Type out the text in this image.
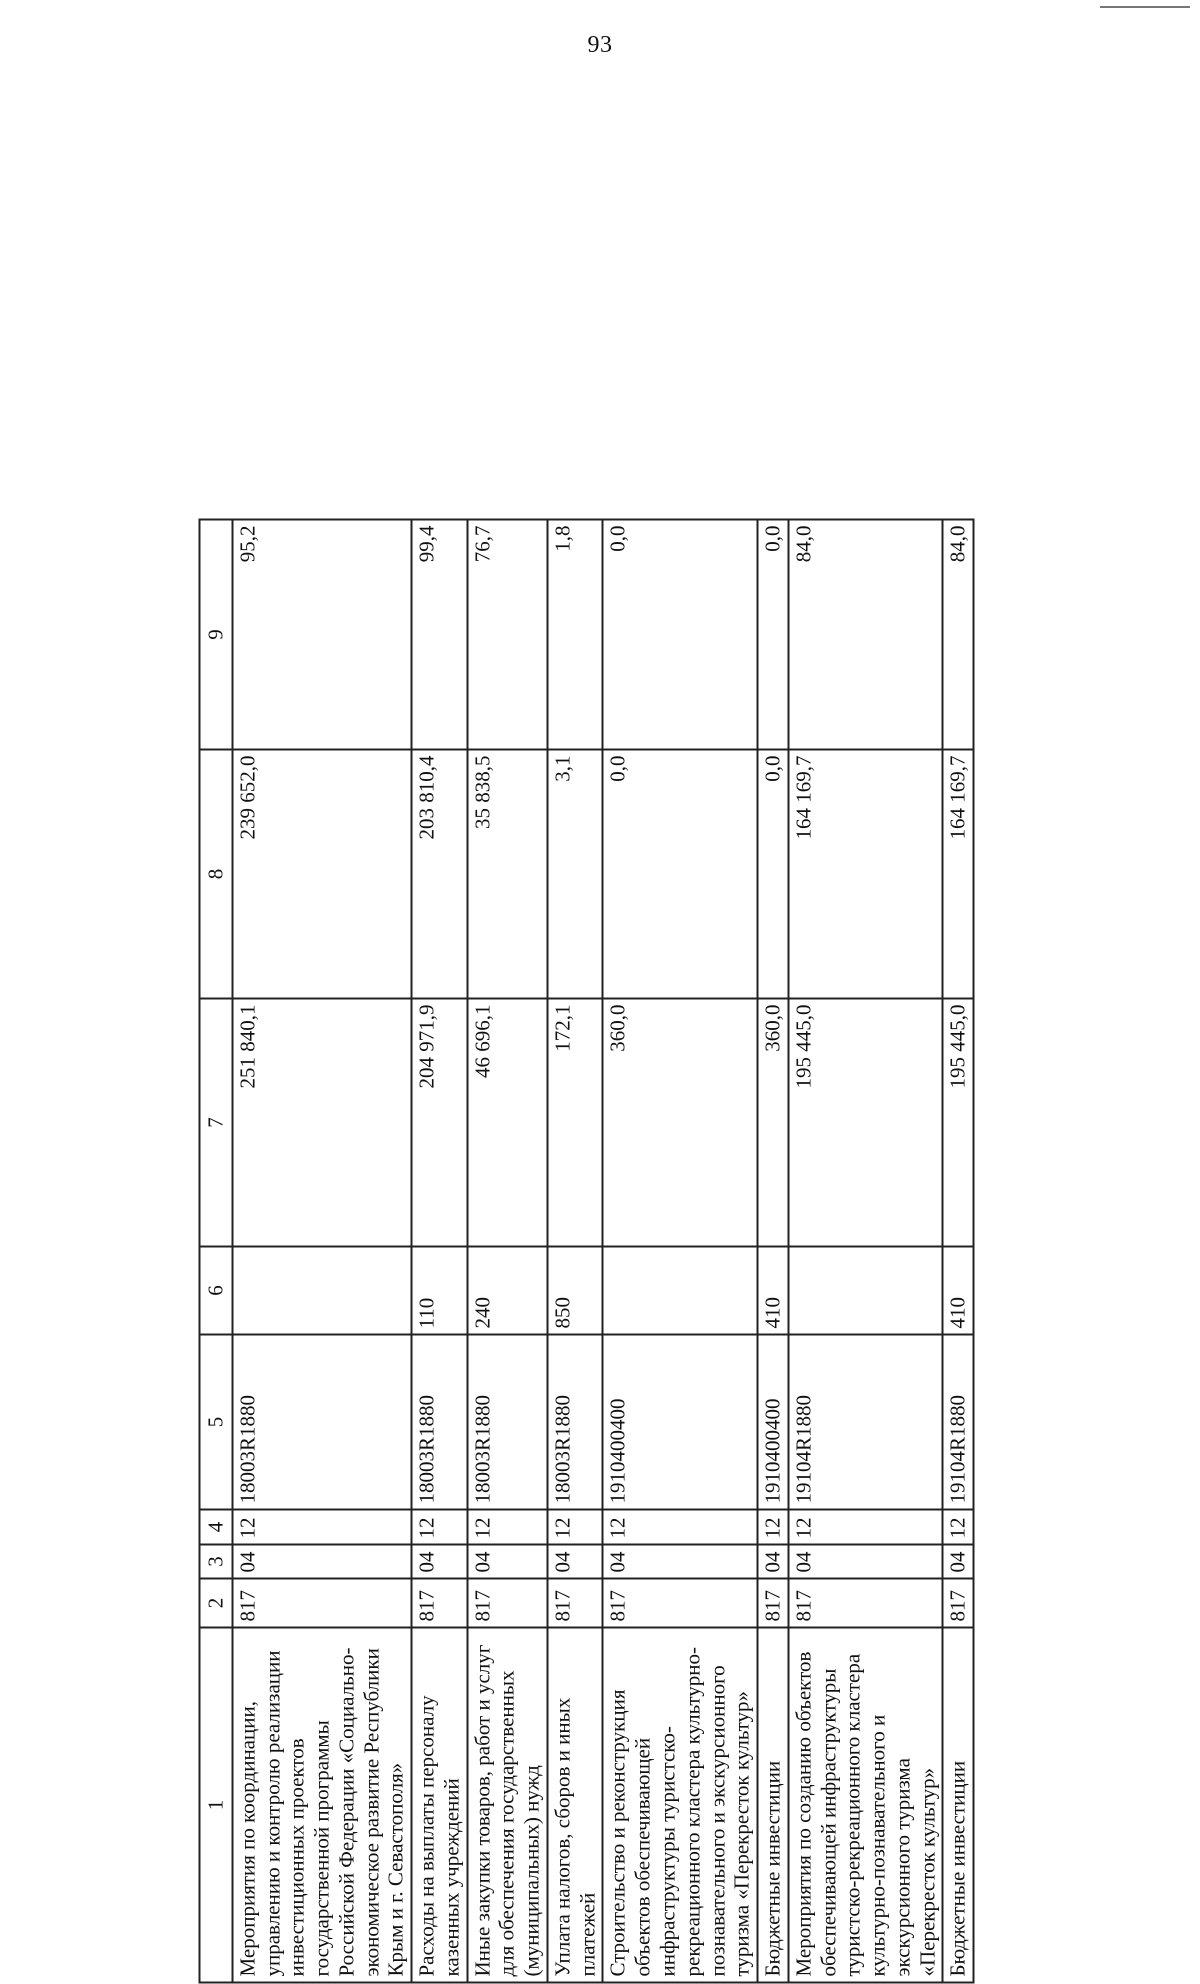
93
1	2	3	4	5	6	7	8	9
Мероприятия по координации, управлению и контролю реализации инвестиционных проектов государственной программы Российской Федерации «Социально-экономическое развитие Республики Крым и г. Севастополя»	817	04	12	18003R1880		251 840,1	239 652,0	95,2
Расходы на выплаты персоналу казенных учреждений	817	04	12	18003R1880	110	204 971,9	203 810,4	99,4
Иные закупки товаров, работ и услуг для обеспечения государственных (муниципальных) нужд	817	04	12	18003R1880	240	46 696,1	35 838,5	76,7
Уплата налогов, сборов и иных платежей	817	04	12	18003R1880	850	172,1	3,1	1,8
Строительство и реконструкция объектов обеспечивающей инфраструктуры туристско-рекреационного кластера культурно-познавательного и экскурсионного туризма «Перекресток культур»	817	04	12	1910400400		360,0	0,0	0,0
Бюджетные инвестиции	817	04	12	1910400400	410	360,0	0,0	0,0
Мероприятия по созданию объектов обеспечивающей инфраструктуры туристско-рекреационного кластера культурно-познавательного и экскурсионного туризма «Перекресток культур»	817	04	12	19104R1880		195 445,0	164 169,7	84,0
Бюджетные инвестиции	817	04	12	19104R1880	410	195 445,0	164 169,7	84,0
